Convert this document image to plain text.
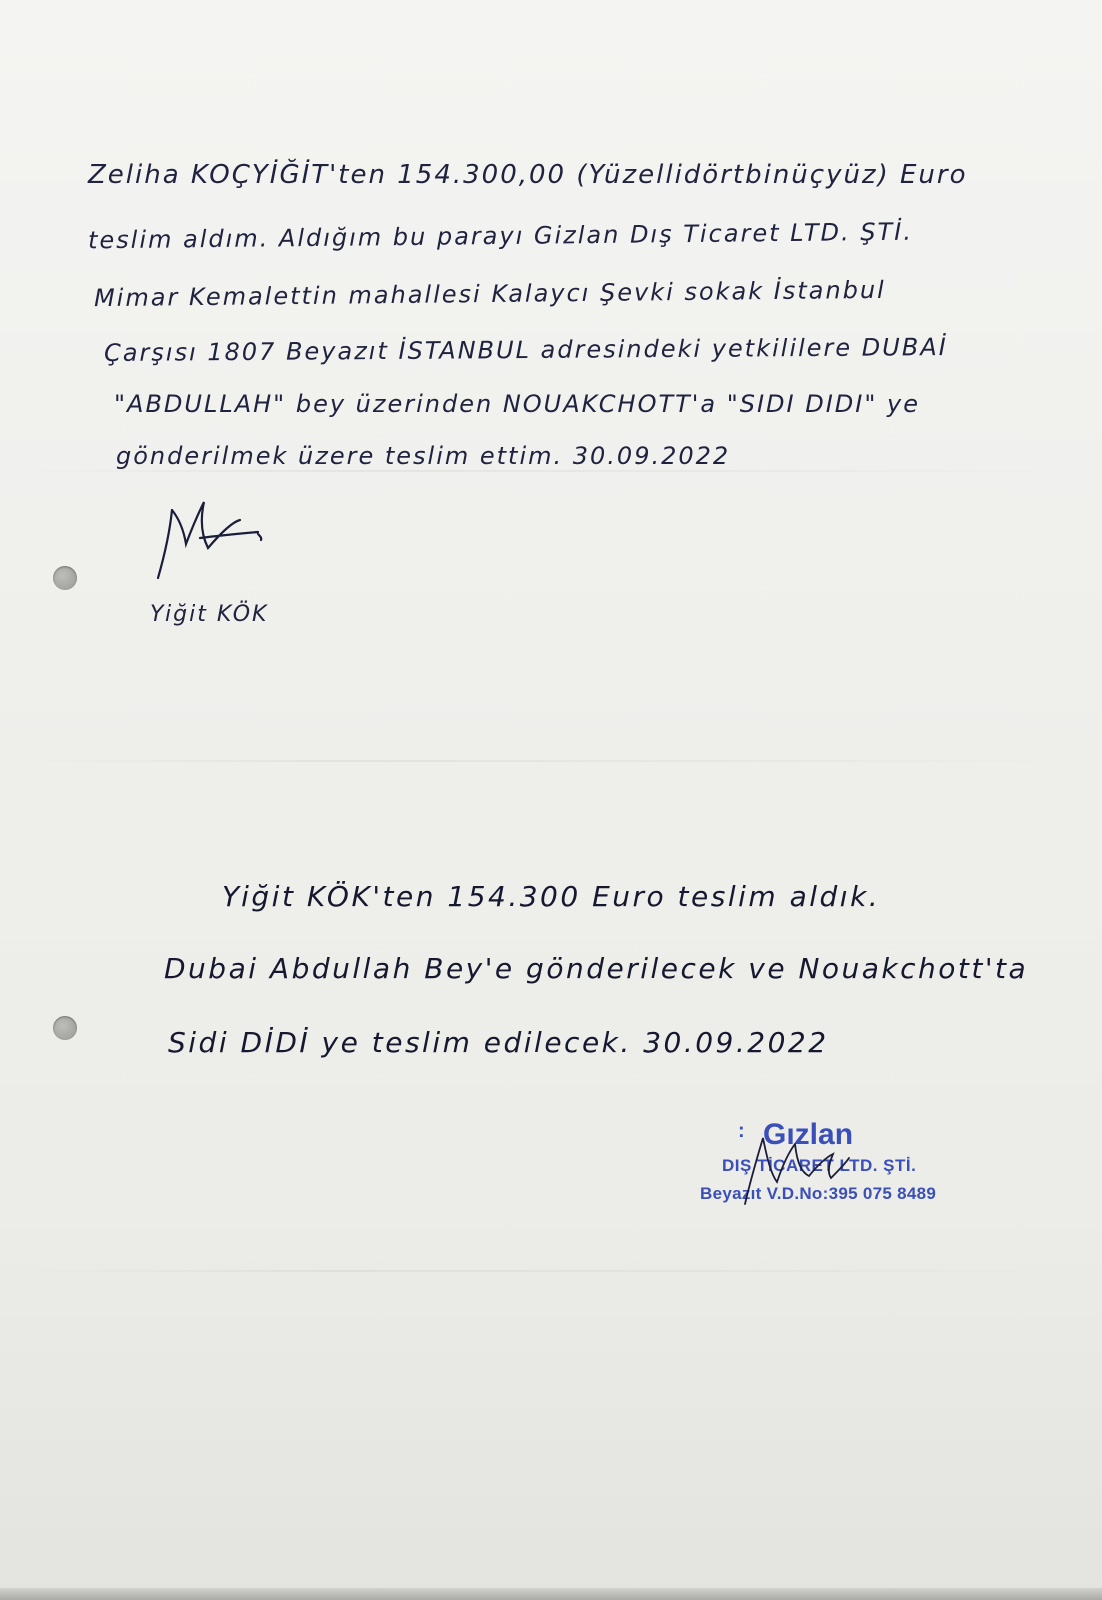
Zeliha KOÇYİĞİT'ten 154.300,00 (Yüzellidörtbinüçyüz) Euro
teslim aldım. Aldığım bu parayı Gizlan Dış Ticaret LTD. ŞTİ.
Mimar Kemalettin mahallesi Kalaycı Şevki sokak İstanbul
Çarşısı 1807 Beyazıt İSTANBUL adresindeki yetkililere DUBAİ
"ABDULLAH" bey üzerinden NOUAKCHOTT'a "SIDI DIDI" ye
gönderilmek üzere teslim ettim. 30.09.2022
Yiğit KÖK
Yiğit KÖK'ten 154.300 Euro teslim aldık.
Dubai Abdullah Bey'e gönderilecek ve Nouakchott'ta
Sidi DİDİ ye teslim edilecek. 30.09.2022
: Gızlan
DIŞ TİCARET LTD. ŞTİ.
Beyazıt V.D.No:395 075 8489
